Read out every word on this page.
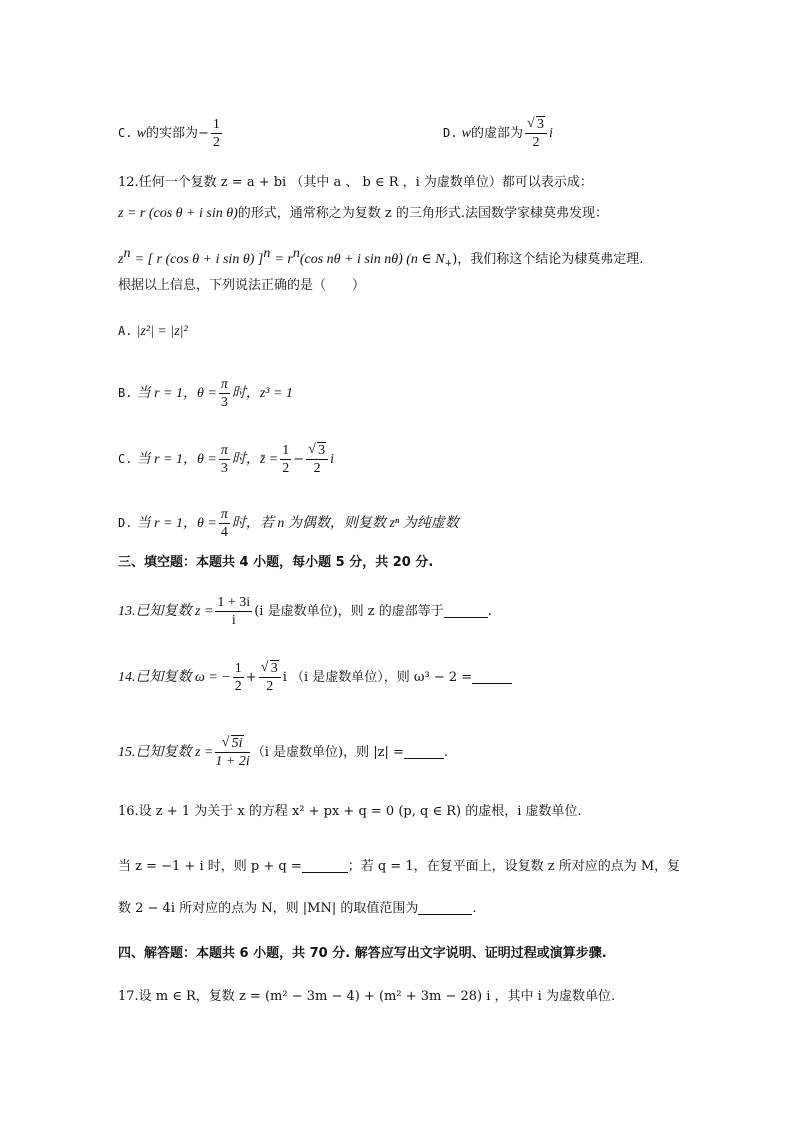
C. w的实部为− $\frac{1}{2}$	D. w的虚部为 √ $\frac{3}{2}$ i
12.任何一个复数 z = a + bi （其中 a 、 b ∈ R ，i 为虚数单位）都可以表示成：
z = r (cos θ + i sin θ)的形式，通常称之为复数 z 的三角形式.法国数学家棣莫弗发现：
$z^n$ = [ r (cos θ + i sin θ) ]$^n = r^n(\cos$ nθ + i sin nθ) (n ∈ $N_+$)，我们称这个结论为棣莫弗定理.
根据以上信息，下列说法正确的是（　　）
A. |z²| = |z|²
B. 当 r = 1，$\theta = \frac{\pi}{3}$ 时，z³ = 1
C. 当 r = 1，$\theta = \frac{\pi}{3}$ 时，z̄ = $\frac{1}{2}$ − √ $\frac{3}{2}$ i
D. 当 r = 1，$\theta = \frac{\pi}{4}$ 时，若 n 为偶数，则复数 zⁿ 为纯虚数
三、填空题：本题共 4 小题，每小题 5 分，共 20 分.
13.已知复数 $z = \frac{1 + 3i}{i} (i$ 是虚数单位)，则 z 的虚部等于	.
14.已知复数 ω = − $\frac{1}{2}$ + √ $\frac{3}{2}$ i （i 是虚数单位），则 ω³ − 2 =
15.已知复数 z = √ $\frac{5i}{1 + 2i} (i$ 是虚数单位)，则 |z| =	.
16.设 z + 1 为关于 x 的方程 x² + px + q = 0 (p, q ∈ R) 的虚根，i 虚数单位.
当 z = −1 + i 时，则 p + q =	；若 q = 1，在复平面上，设复数 z 所对应的点为 M，复
数 2 − 4i 所对应的点为 N，则 |MN| 的取值范围为	.
四、解答题：本题共 6 小题，共 70 分. 解答应写出文字说明、证明过程或演算步骤.
17.设 m ∈ R，复数 z = (m² − 3m − 4) + (m² + 3m − 28) i ，其中 i 为虚数单位.
